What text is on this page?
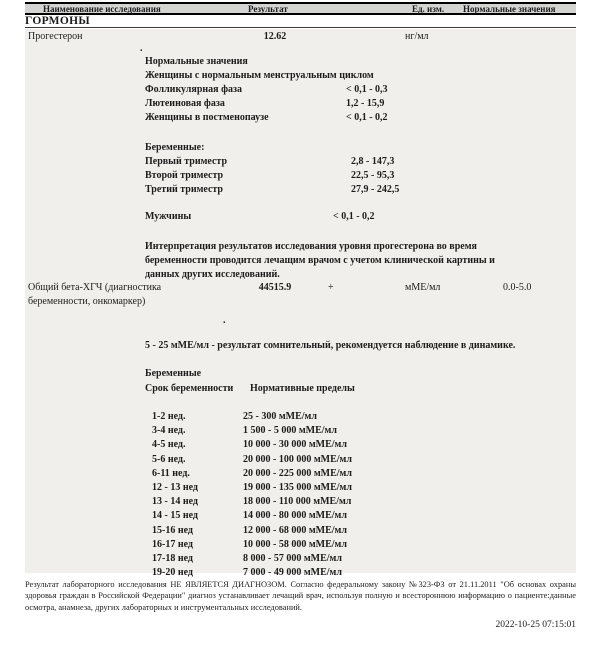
Наименование исследования	Результат	Ед. изм. Нормальные значения
ГОРМОНЫ
Прогестерон	12.62	нг/мл
.
Нормальные значения
Женщины с нормальным менструальным циклом
Фолликулярная фаза	< 0,1 - 0,3
Лютеиновая фаза	1,2 - 15,9
Женщины в постменопаузе	< 0,1 - 0,2
Беременные:
Первый триместр	2,8 - 147,3
Второй триместр	22,5 - 95,3
Третий триместр	27,9 - 242,5
Мужчины	< 0,1 - 0,2
Интерпретация результатов исследования уровня прогестерона во время
беременности проводится лечащим врачом с учетом клинической картины и
данных других исследований.
Общий бета-ХГЧ (диагностика
беременности, онкомаркер)
44515.9	+	мМЕ/мл	0.0-5.0
.
5 - 25 мМЕ/мл - результат сомнительный, рекомендуется наблюдение в динамике.
Беременные
Срок беременности Нормативные пределы
1-2 нед.	25 - 300 мМЕ/мл
3-4 нед.	1 500 - 5 000 мМЕ/мл
4-5 нед.	10 000 - 30 000 мМЕ/мл
5-6 нед.	20 000 - 100 000 мМЕ/мл
6-11 нед.	20 000 - 225 000 мМЕ/мл
12 - 13 нед	19 000 - 135 000 мМЕ/мл
13 - 14 нед	18 000 - 110 000 мМЕ/мл
14 - 15 нед	14 000 - 80 000 мМЕ/мл
15-16 нед	12 000 - 68 000 мМЕ/мл
16-17 нед	10 000 - 58 000 мМЕ/мл
17-18 нед	8 000 - 57 000 мМЕ/мл
19-20 нед	7 000 - 49 000 мМЕ/мл
Результат лабораторного исследования НЕ ЯВЛЯЕТСЯ ДИАГНОЗОМ. Согласно федеральному закону №323-ФЗ от 21.11.2011 "Об основах охраны здоровья граждан в Российской Федерации" диагноз устанавливает лечащий врач, используя полную и всестороннюю информацию о пациенте:данные осмотра, анамнеза, других лабораторных и инструментальных исследований.
2022-10-25 07:15:01
